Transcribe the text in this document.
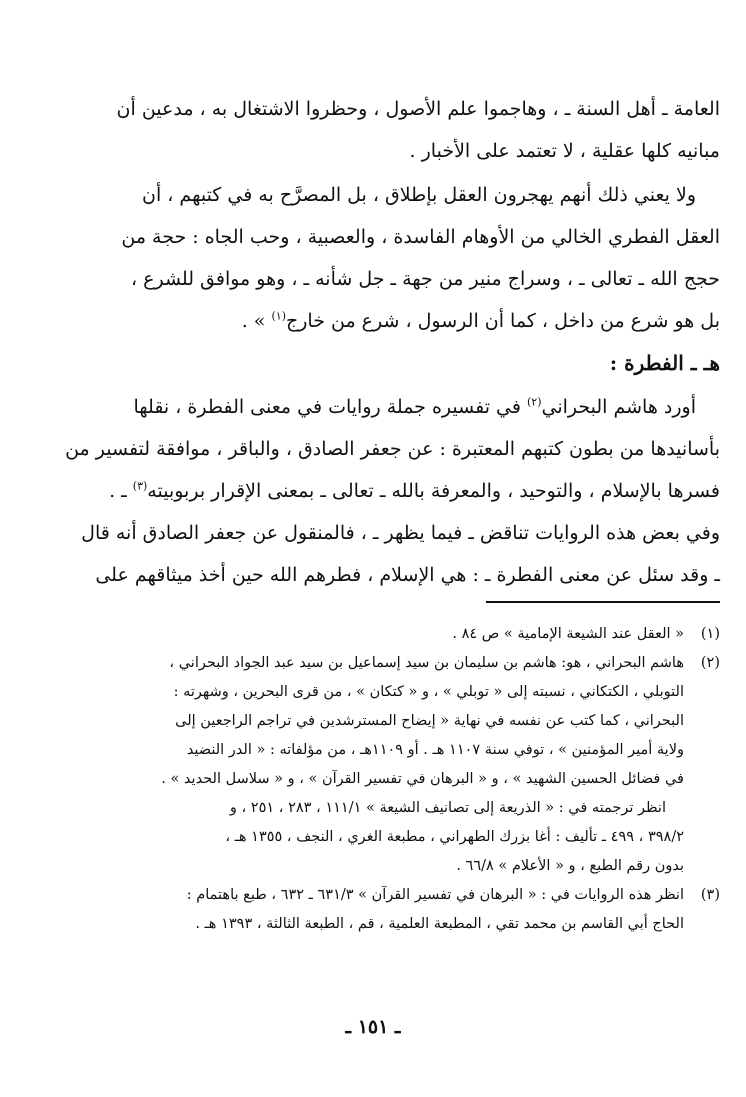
العامة ـ أهل السنة ـ ، وهاجموا علم الأصول ، وحظروا الاشتغال به ، مدعين أن
مبانيه كلها عقلية ، لا تعتمد على الأخبار .

ولا يعني ذلك أنهم يهجرون العقل بإطلاق ، بل المصرَّح به في كتبهم ، أن
العقل الفطري الخالي من الأوهام الفاسدة ، والعصبية ، وحب الجاه : حجة من
حجج الله ـ تعالى ـ ، وسراج منير من جهة ـ جل شأنه ـ ، وهو موافق للشرع ،
بل هو شرع من داخل ، كما أن الرسول ، شرع من خارج$^{(١)}$ » .

هـ ـ الفطرة :

أورد هاشم البحراني$^{(٢)}$ في تفسيره جملة روايات في معنى الفطرة ، نقلها
بأسانيدها من بطون كتبهم المعتبرة : عن جعفر الصادق ، والباقر ، موافقة لتفسير من
فسرها بالإسلام ، والتوحيد ، والمعرفة بالله ـ تعالى ـ بمعنى الإقرار بربوبيته$^{(٣)}$ ـ .
وفي بعض هذه الروايات تناقض ـ فيما يظهر ـ ، فالمنقول عن جعفر الصادق أنه قال
ـ وقد سئل عن معنى الفطرة ـ : هي الإسلام ، فطرهم الله حين أخذ ميثاقهم على

(١)« العقل عند الشيعة الإمامية » ص ٨٤ .
(٢)هاشم البحراني ، هو: هاشم بن سليمان بن سيد إسماعيل بن سيد عبد الجواد البحراني ،
التوبلي ، الكتكاني ، نسبته إلى « توبلي » ، و « كتكان » ، من قرى البحرين ، وشهرته :
البحراني ، كما كتب عن نفسه في نهاية « إيضاح المسترشدين في تراجم الراجعين إلى
ولاية أمير المؤمنين » ، توفي سنة ١١٠٧ هـ . أو ١١٠٩هـ ، من مؤلفاته : « الدر النضيد
في فضائل الحسين الشهيد » ، و « البرهان في تفسير القرآن » ، و « سلاسل الحديد » .
انظر ترجمته في : « الذريعة إلى تصانيف الشيعة » ١١١/١ ، ٢٨٣ ، ٢٥١ ، و
٣٩٨/٢ ، ٤٩٩ ـ تأليف : أغا بزرك الطهراني ، مطبعة الغري ، النجف ، ١٣٥٥ هـ ،
بدون رقم الطبع ، و « الأعلام » ٦٦/٨ .
(٣)انظر هذه الروايات في : « البرهان في تفسير القرآن » ٦٣١/٣ ـ ٦٣٢ ، طبع باهتمام :
الحاج أبي القاسم بن محمد تقي ، المطبعة العلمية ، قم ، الطبعة الثالثة ، ١٣٩٣ هـ .
ـ ١٥١ ـ
